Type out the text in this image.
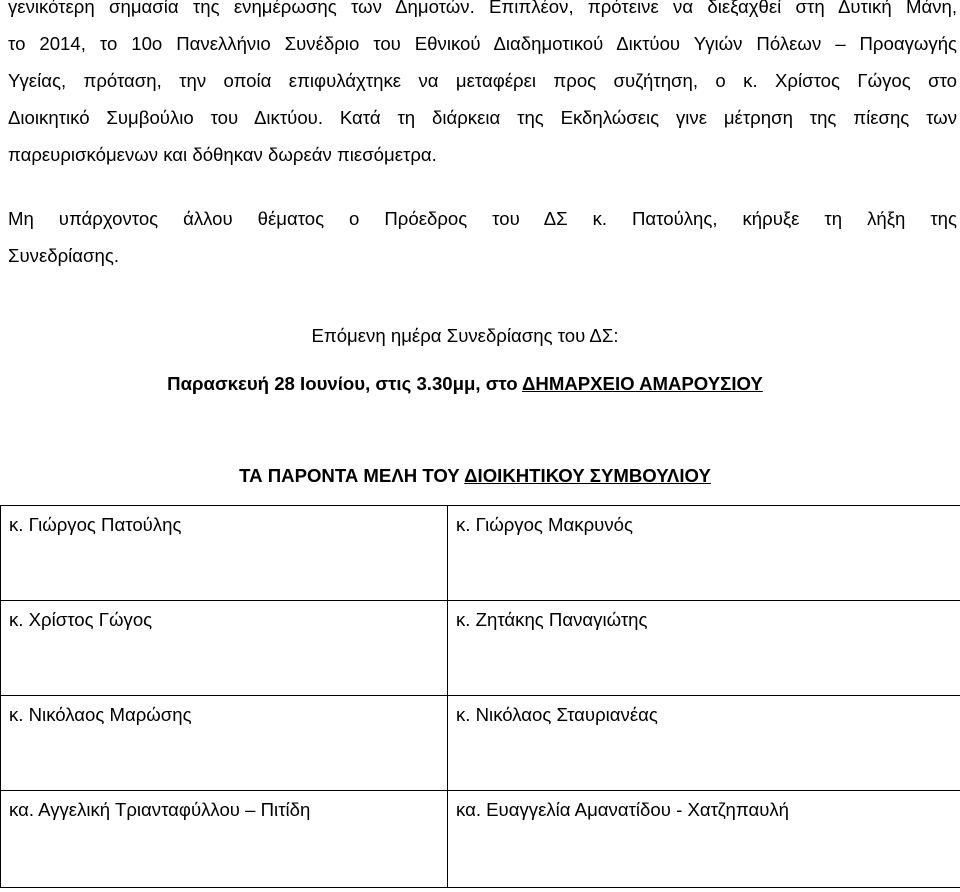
γενικότερη σημασία της ενημέρωσης των Δημοτών. Επιπλέον, πρότεινε να διεξαχθεί στη Δυτική Μάνη,
το 2014, το 10ο Πανελλήνιο Συνέδριο του Εθνικού Διαδημοτικού Δικτύου Υγιών Πόλεων – Προαγωγής
Υγείας, πρόταση, την οποία επιφυλάχτηκε να μεταφέρει προς συζήτηση, ο κ. Χρίστος Γώγος στο
Διοικητικό Συμβούλιο του Δικτύου. Κατά τη διάρκεια της Εκδηλώσεις γινε μέτρηση της πίεσης των
παρευρισκόμενων και δόθηκαν δωρεάν πιεσόμετρα.

Μη υπάρχοντος άλλου θέματος ο Πρόεδρος του ΔΣ κ. Πατούλης, κήρυξε τη λήξη της
Συνεδρίασης.

Επόμενη ημέρα Συνεδρίασης του ΔΣ:

Παρασκευή 28 Ιουνίου, στις 3.30μμ, στο ΔΗΜΑΡΧΕΙΟ ΑΜΑΡΟΥΣΙΟΥ

ΤΑ ΠΑΡΟΝΤΑ ΜΕΛΗ ΤΟΥ ΔΙΟΙΚΗΤΙΚΟΥ ΣΥΜΒΟΥΛΙΟΥ

κ. Γιώργος Πατούλης	κ. Γιώργος Μακρυνός

κ. Χρίστος Γώγος	κ. Ζητάκης Παναγιώτης

κ. Νικόλαος Μαρώσης	κ. Νικόλαος Σταυριανέας

κα. Αγγελική Τριανταφύλλου – Πιτίδη	κα. Ευαγγελία Αμανατίδου - Χατζηπαυλή
